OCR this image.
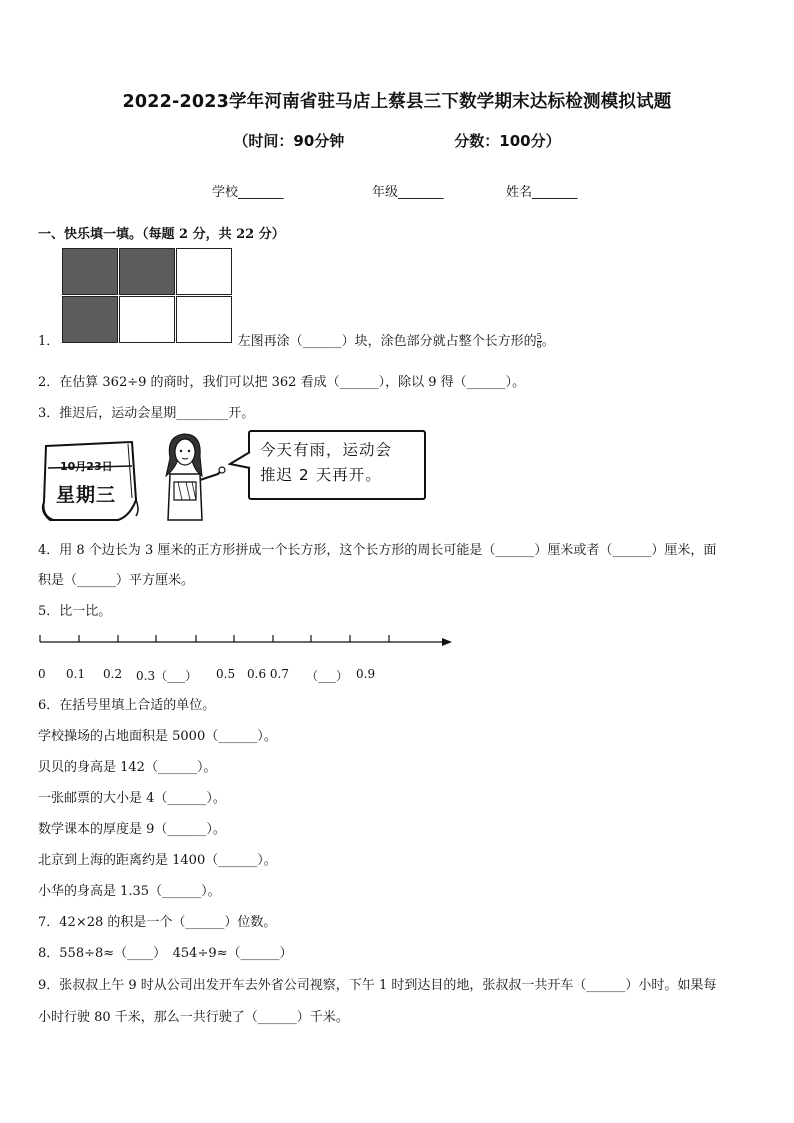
2022-2023学年河南省驻马店上蔡县三下数学期末达标检测模拟试题
（时间：90分钟	分数：100分）
学校_______	年级_______	姓名_______
一、快乐填一填。（每题 2 分，共 22 分）
1．	左图再涂（______）块，涂色部分就占整个长方形的 $\frac{5}{6}$ 。
2．在估算 362÷9 的商时，我们可以把 362 看成（______），除以 9 得（______）。
3．推迟后，运动会星期________开。
10月23日
星期三
今天有雨，运动会
推迟 2 天再开。
4．用 8 个边长为 3 厘米的正方形拼成一个长方形，这个长方形的周长可能是（______）厘米或者（______）厘米，面
积是（______）平方厘米。
5．比一比。
0 0.1 0.2 0.3（___） 0.5 0.6 0.7 （___） 0.9
6．在括号里填上合适的单位。
学校操场的占地面积是 5000（______）。
贝贝的身高是 142（______）。
一张邮票的大小是 4（______）。
数学课本的厚度是 9（______）。
北京到上海的距离约是 1400（______）。
小华的身高是 1.35（______）。
7．42×28 的积是一个（______）位数。
8．558÷8≈（____）　454÷9≈（______）
9．张叔叔上午 9 时从公司出发开车去外省公司视察，下午 1 时到达目的地，张叔叔一共开车（______）小时。如果每
小时行驶 80 千米，那么一共行驶了（______）千米。
